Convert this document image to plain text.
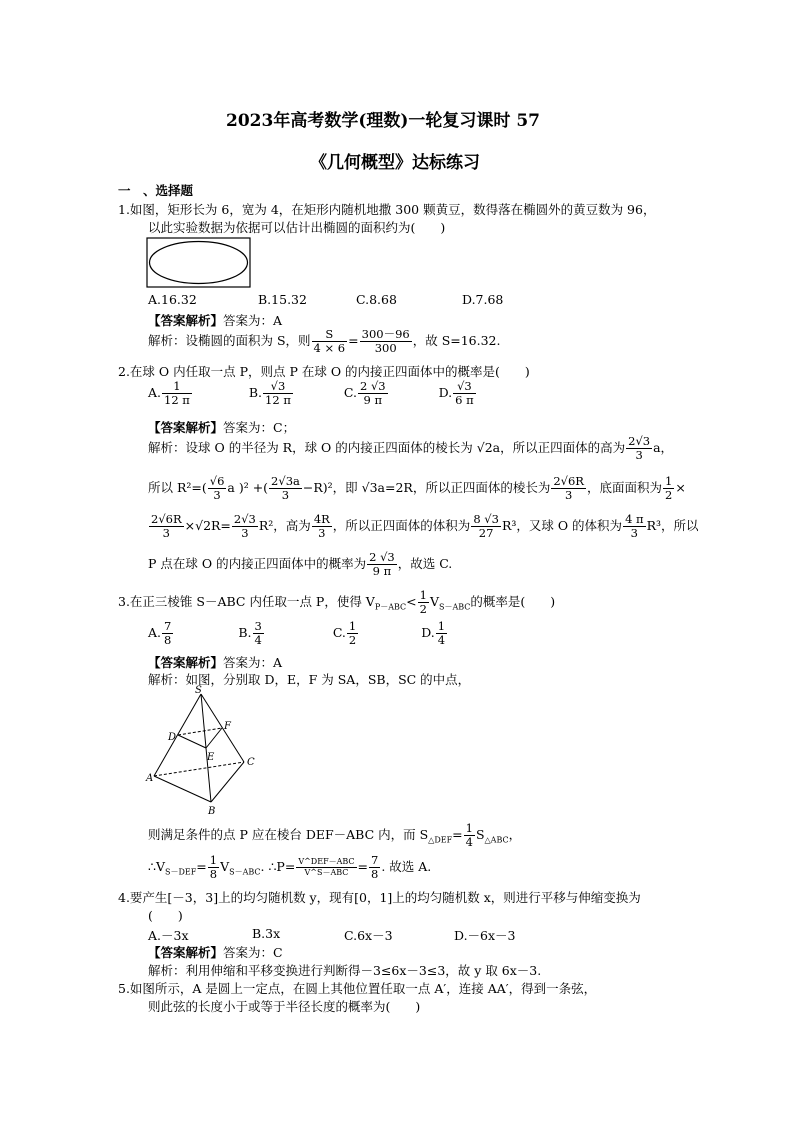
2023年高考数学(理数)一轮复习课时 57
《几何概型》达标练习
一　、选择题
1.如图，矩形长为 6，宽为 4，在矩形内随机地撒 300 颗黄豆，数得落在椭圆外的黄豆数为 96，
以此实验数据为依据可以估计出椭圆的面积约为(　　)
A.16.32	B.15.32	C.8.68	D.7.68
【答案解析】答案为：A
解析：设椭圆的面积为 S，则 $\frac{S}{4 \times 6} = \frac{300-96}{300}$ ，故 S=16.32.
2.在球 O 内任取一点 P，则点 P 在球 O 的内接正四面体中的概率是(　　)
A. $\frac{1}{12 \pi}$	B. $\frac{√3}{12 \pi}$	C. $\frac{2 √3}{9 \pi}$	D. $\frac{√3}{6 \pi}$
【答案解析】答案为：C；
解析：设球 O 的半径为 R，球 O 的内接正四面体的棱长为 √2a，所以正四面体的高为 $\frac{2√3}{3}$ a，
所以 $R^2=( \frac{√6}{3}$ a )² +( $\frac{2√3a}{3} -R)^2$，即 √3a=2R，所以正四面体的棱长为 $\frac{2√6R}{3}$ ，底面面积为 $\frac{1}{2}$ ×
$\frac{2√6R}{3} \times√2R= \frac{2√3}{3} R^2$，高为 $\frac{4R}{3}$ ，所以正四面体的体积为 $\frac{8 √3}{27} R^3$，又球 O 的体积为 $\frac{4 \pi}{3} R^3$，所以
P 点在球 O 的内接正四面体中的概率为 $\frac{2 √3}{9 \pi}$ ，故选 C.
3.在正三棱锥 S－ABC 内任取一点 P，使得 $V_{P-ABC}< \frac{1}{2} V_{S-ABC}$的概率是(　　)
A. $\frac{7}{8}$	B. $\frac{3}{4}$	C. $\frac{1}{2}$	D. $\frac{1}{4}$
【答案解析】答案为：A
解析：如图，分别取 D，E，F 为 SA，SB，SC 的中点，
S
F
D
E	C
A
B
则满足条件的点 P 应在棱台 DEF－ABC 内，而 $S_{\triangle DEF}= \frac{1}{4} S_{\triangle ABC}$，
$\therefore V_{S-DEF}= \frac{1}{8} V_{S-ABC}$. ∴P= $\frac{\text{V\textasciicircum{}DEF－ABC}}{\text{V\textasciicircum{}S－ABC}} = \frac{7}{8}$ . 故选 A.
4.要产生[－3，3]上的均匀随机数 y，现有[0，1]上的均匀随机数 x，则进行平移与伸缩变换为
(　　)
A.－3x	B.3x	C.6x－3	D.－6x－3
【答案解析】答案为：C
解析：利用伸缩和平移变换进行判断得－3≤6x－3≤3，故 y 取 6x－3.
5.如图所示，A 是圆上一定点，在圆上其他位置任取一点 A′，连接 AA′，得到一条弦，
则此弦的长度小于或等于半径长度的概率为(　　)
